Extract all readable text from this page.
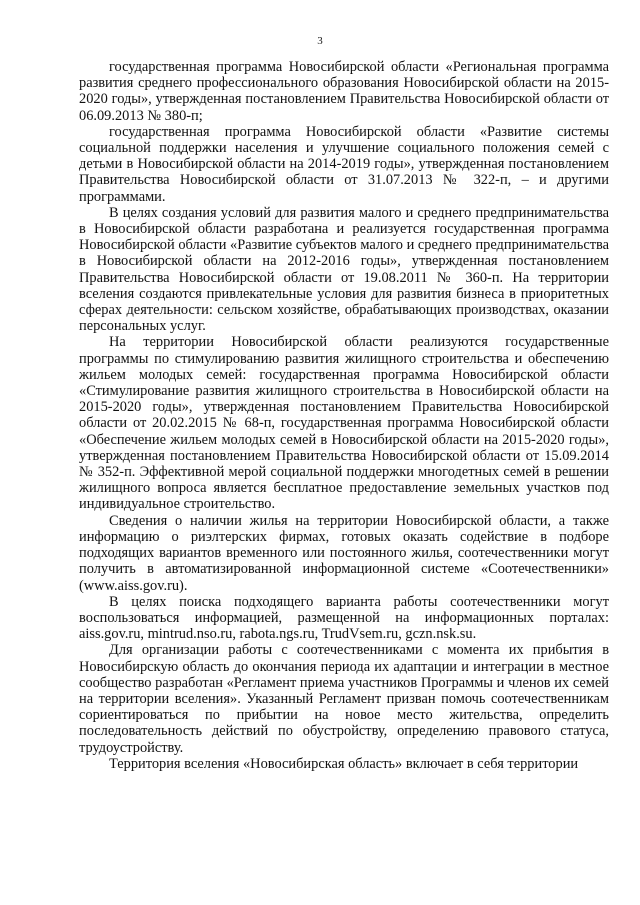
3

государственная программа Новосибирской области «Региональная программа развития среднего профессионального образования Новосибирской области на 2015-2020 годы», утвержденная постановлением Правительства Новосибирской области от 06.09.2013 № 380-п;

государственная программа Новосибирской области «Развитие системы социальной поддержки населения и улучшение социального положения семей с детьми в Новосибирской области на 2014-2019 годы», утвержденная постановлением Правительства Новосибирской области от 31.07.2013 № 322-п, – и другими программами.

В целях создания условий для развития малого и среднего предпринимательства в Новосибирской области разработана и реализуется государственная программа Новосибирской области «Развитие субъектов малого и среднего предпринимательства в Новосибирской области на 2012-2016 годы», утвержденная постановлением Правительства Новосибирской области от 19.08.2011 № 360-п. На территории вселения создаются привлекательные условия для развития бизнеса в приоритетных сферах деятельности: сельском хозяйстве, обрабатывающих производствах, оказании персональных услуг.

На территории Новосибирской области реализуются государственные программы по стимулированию развития жилищного строительства и обеспечению жильем молодых семей: государственная программа Новосибирской области «Стимулирование развития жилищного строительства в Новосибирской области на 2015-2020 годы», утвержденная постановлением Правительства Новосибирской области от 20.02.2015 № 68-п, государственная программа Новосибирской области «Обеспечение жильем молодых семей в Новосибирской области на 2015-2020 годы», утвержденная постановлением Правительства Новосибирской области от 15.09.2014 № 352-п. Эффективной мерой социальной поддержки многодетных семей в решении жилищного вопроса является бесплатное предоставление земельных участков под индивидуальное строительство.

Сведения о наличии жилья на территории Новосибирской области, а также информацию о риэлтерских фирмах, готовых оказать содействие в подборе подходящих вариантов временного или постоянного жилья, соотечественники могут получить в автоматизированной информационной системе «Соотечественники» (www.aiss.gov.ru).

В целях поиска подходящего варианта работы соотечественники могут воспользоваться информацией, размещенной на информационных порталах: aiss.gov.ru, mintrud.nso.ru, rabota.ngs.ru, TrudVsem.ru, gczn.nsk.su.

Для организации работы с соотечественниками с момента их прибытия в Новосибирскую область до окончания периода их адаптации и интеграции в местное сообщество разработан «Регламент приема участников Программы и членов их семей на территории вселения». Указанный Регламент призван помочь соотечественникам сориентироваться по прибытии на новое место жительства, определить последовательность действий по обустройству, определению правового статуса, трудоустройству.

Территория вселения «Новосибирская область» включает в себя территории
